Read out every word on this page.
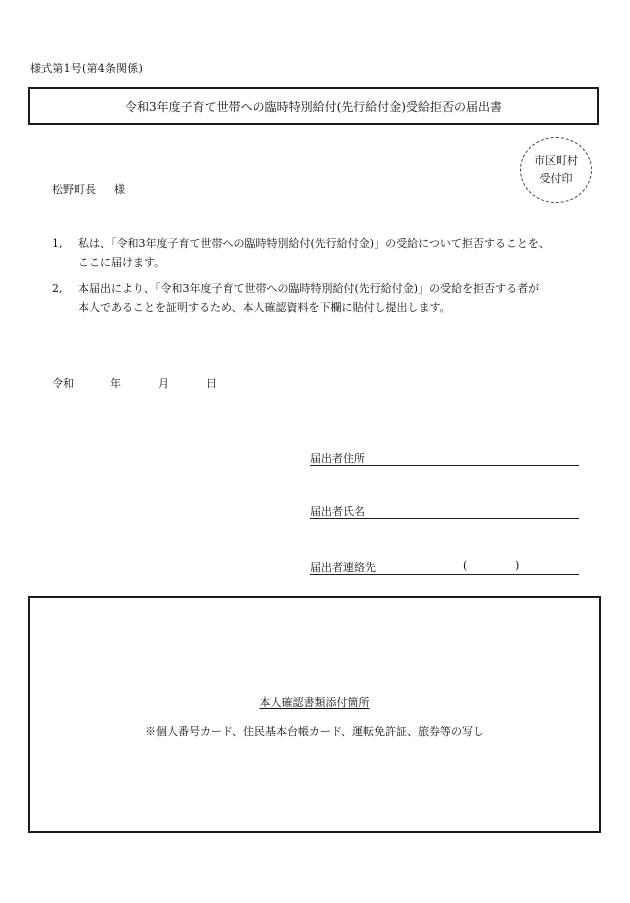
様式第1号(第4条関係)
令和3年度子育て世帯への臨時特別給付(先行給付金)受給拒否の届出書
市区町村
受付印
松野町長 様
1,	私は、「令和3年度子育て世帯への臨時特別給付(先行給付金)」の受給について拒否することを、
ここに届けます。
2,	本届出により、「令和3年度子育て世帯への臨時特別給付(先行給付金)」の受給を拒否する者が
本人であることを証明するため、本人確認資料を下欄に貼付し提出します。
令和	年	月	日
届出者住所
届出者氏名
届出者連絡先	(	)
本人確認書類添付箇所
※個人番号カード、住民基本台帳カード、運転免許証、旅券等の写し
